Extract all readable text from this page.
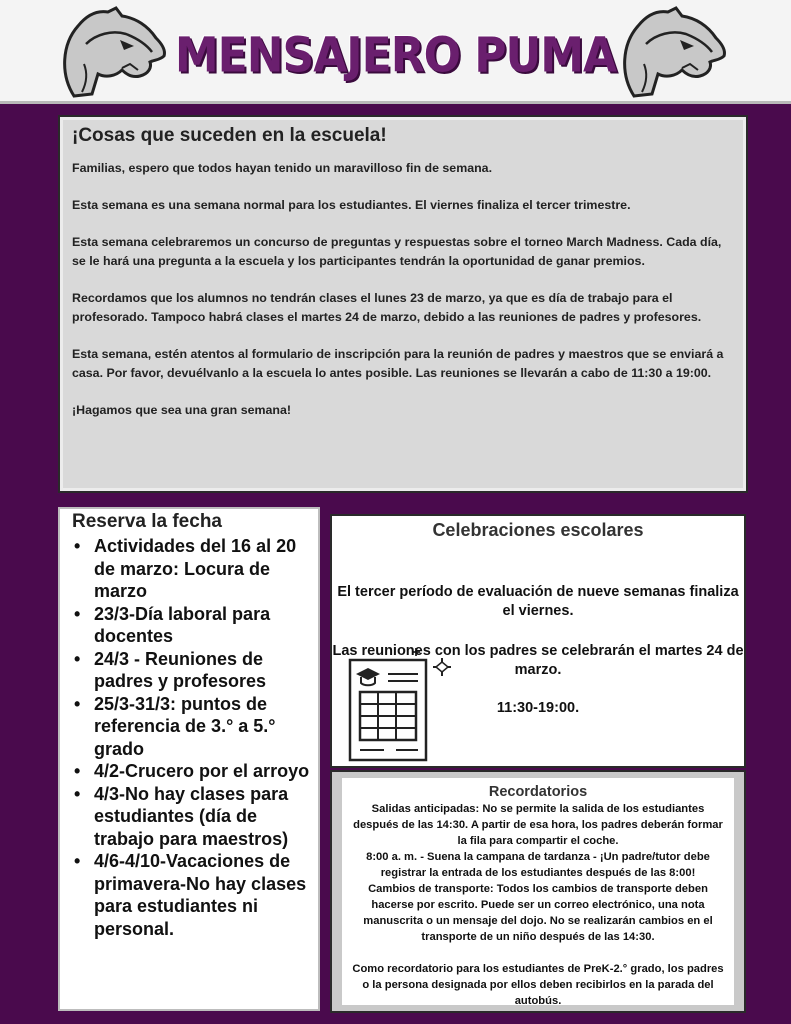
MENSAJERO PUMA
¡Cosas que suceden en la escuela!

Familias, espero que todos hayan tenido un maravilloso fin de semana.

Esta semana es una semana normal para los estudiantes. El viernes finaliza el tercer trimestre.

Esta semana celebraremos un concurso de preguntas y respuestas sobre el torneo March Madness. Cada día, se le hará una pregunta a la escuela y los participantes tendrán la oportunidad de ganar premios.

Recordamos que los alumnos no tendrán clases el lunes 23 de marzo, ya que es día de trabajo para el profesorado. Tampoco habrá clases el martes 24 de marzo, debido a las reuniones de padres y profesores.

Esta semana, estén atentos al formulario de inscripción para la reunión de padres y maestros que se enviará a casa. Por favor, devuélvanlo a la escuela lo antes posible. Las reuniones se llevarán a cabo de 11:30 a 19:00.

¡Hagamos que sea una gran semana!

Reserva la fecha
• Actividades del 16 al 20 de marzo: Locura de marzo
• 23/3-Día laboral para docentes
• 24/3 - Reuniones de padres y profesores
• 25/3-31/3: puntos de referencia de 3.° a 5.° grado
• 4/2-Crucero por el arroyo
• 4/3-No hay clases para estudiantes (día de trabajo para maestros)
• 4/6-4/10-Vacaciones de primavera-No hay clases para estudiantes ni personal.
Celebraciones escolares
El tercer período de evaluación de nueve semanas finaliza el viernes.
Las reuniones con los padres se celebrarán el martes 24 de marzo.
11:30-19:00.
Recordatorios

Salidas anticipadas: No se permite la salida de los estudiantes después de las 14:30. A partir de esa hora, los padres deberán formar la fila para compartir el coche.

8:00 a. m. - Suena la campana de tardanza - ¡Un padre/tutor debe registrar la entrada de los estudiantes después de las 8:00!

Cambios de transporte: Todos los cambios de transporte deben hacerse por escrito. Puede ser un correo electrónico, una nota manuscrita o un mensaje del dojo. No se realizarán cambios en el transporte de un niño después de las 14:30.

Como recordatorio para los estudiantes de PreK-2.° grado, los padres o la persona designada por ellos deben recibirlos en la parada del autobús.
